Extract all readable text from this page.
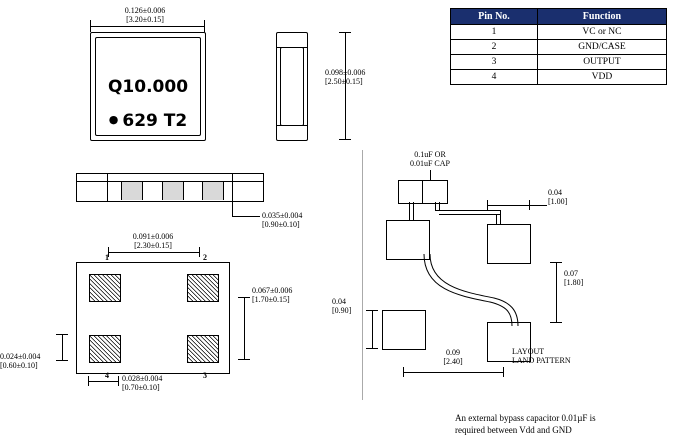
Pin No.	Function
1	VC or NC
2	GND/CASE
3	OUTPUT
4	VDD
0.126±0.006
[3.20±0.15]
Q10.000
● 629 T2
0.098±0.006
[2.50±0.15]
0.035±0.004
[0.90±0.10]
0.091±0.006
[2.30±0.15]
1	2
4	3
0.067±0.006
[1.70±0.15]
0.028±0.004
[0.70±0.10]
0.024±0.004
[0.60±0.10]
0.1uF OR
0.01uF CAP
0.04
[1.00]
0.07
[1.80]
0.04
[0.90]
0.09
[2.40]
LAYOUT
LAND PATTERN
An external bypass capacitor 0.01µF is
required between Vdd and GND
